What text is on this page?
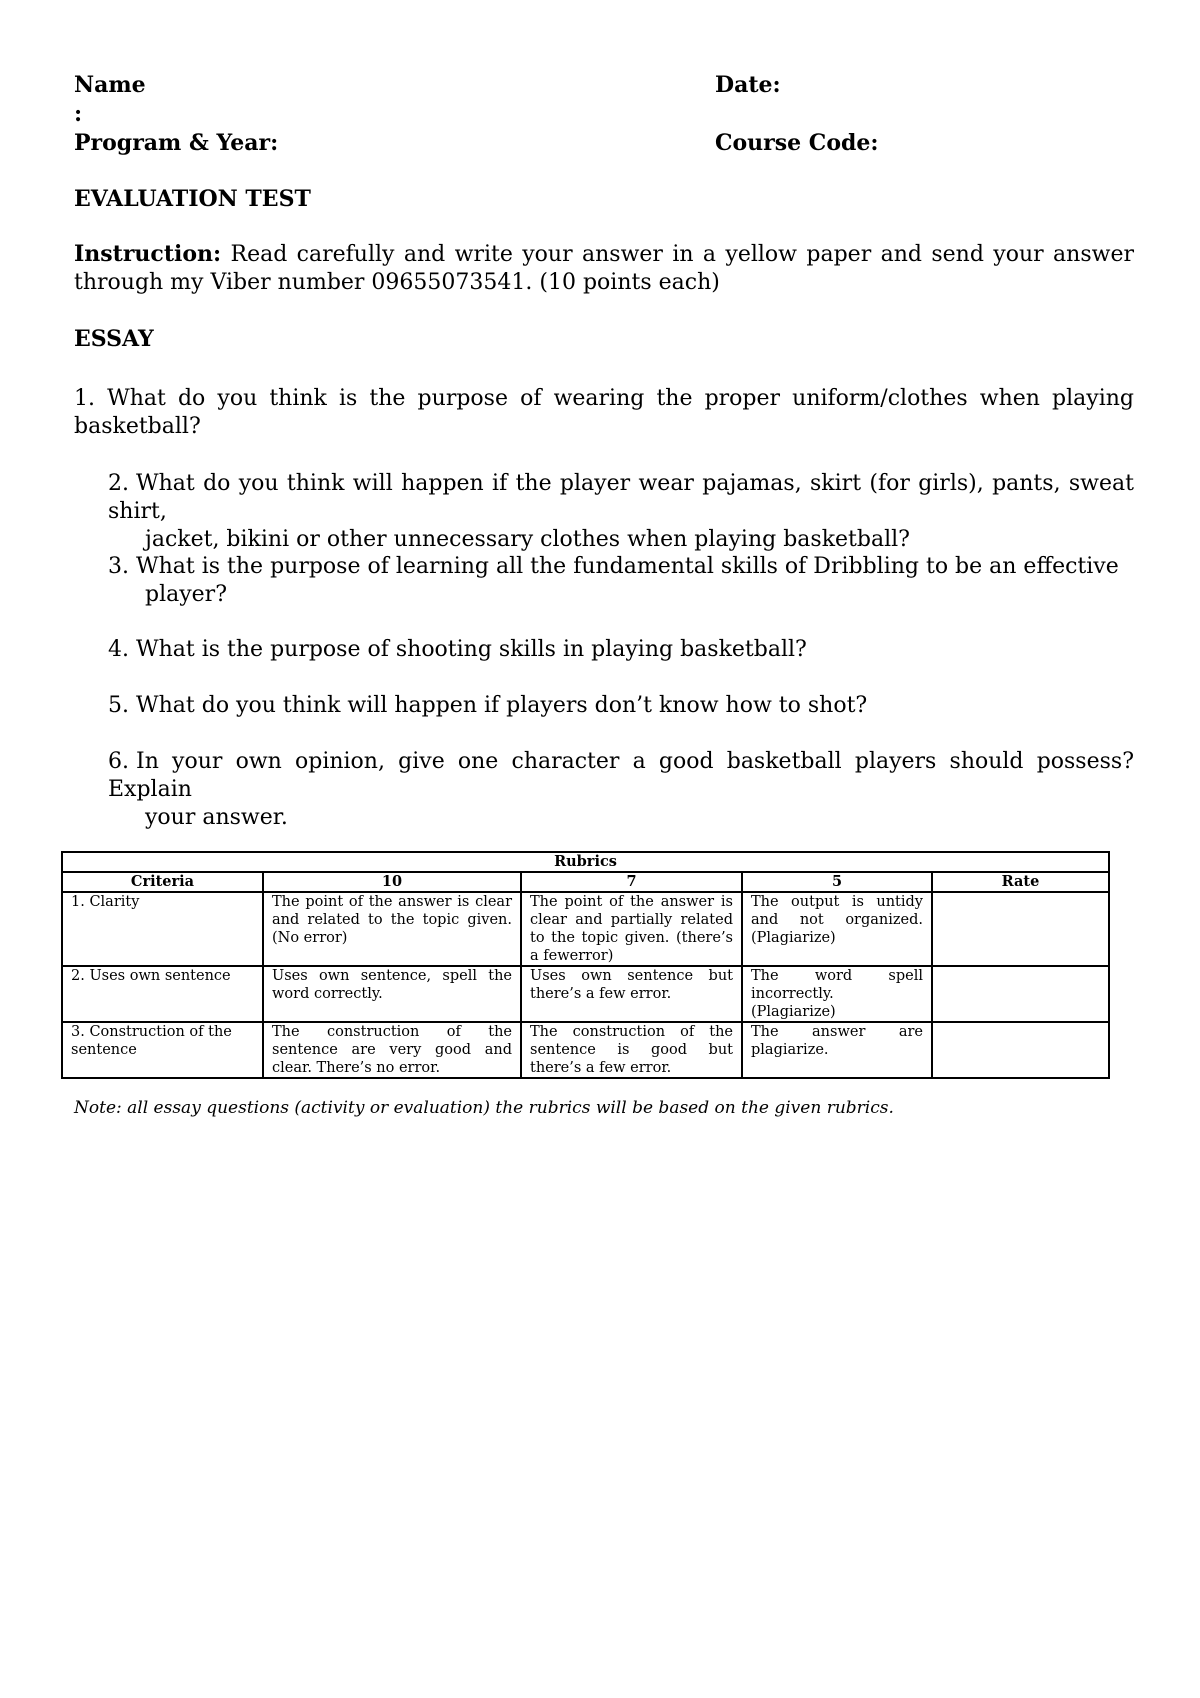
Name
:
Date:
Program & Year:	Course Code:
EVALUATION TEST
Instruction: Read carefully and write your answer in a yellow paper and send your answer through my Viber number 09655073541. (10 points each)
ESSAY
1. What do you think is the purpose of wearing the proper uniform/clothes when playing basketball?
2. What do you think will happen if the player wear pajamas, skirt (for girls), pants, sweat shirt,
jacket, bikini or other unnecessary clothes when playing basketball?
3. What is the purpose of learning all the fundamental skills of Dribbling to be an effective
player?
4. What is the purpose of shooting skills in playing basketball?
5. What do you think will happen if players don’t know how to shot?
6. In your own opinion, give one character a good basketball players should possess? Explain
your answer.
Rubrics				
Criteria	10	7	5	Rate
1. Clarity	The point of the answer is clear and related to the topic given. (No error)	The point of the answer is clear and partially related to the topic given. (there’s a fewerror)	The output is untidy and not organized. (Plagiarize)	
2. Uses own sentence	Uses own sentence, spell the word correctly.	Uses own sentence but there’s a few error.	The word spell incorrectly. (Plagiarize)	
3. Construction of the sentence	The construction of the sentence are very good and clear. There’s no error.	The construction of the sentence is good but there’s a few error.	The answer are plagiarize.	
Note: all essay questions (activity or evaluation) the rubrics will be based on the given rubrics.
